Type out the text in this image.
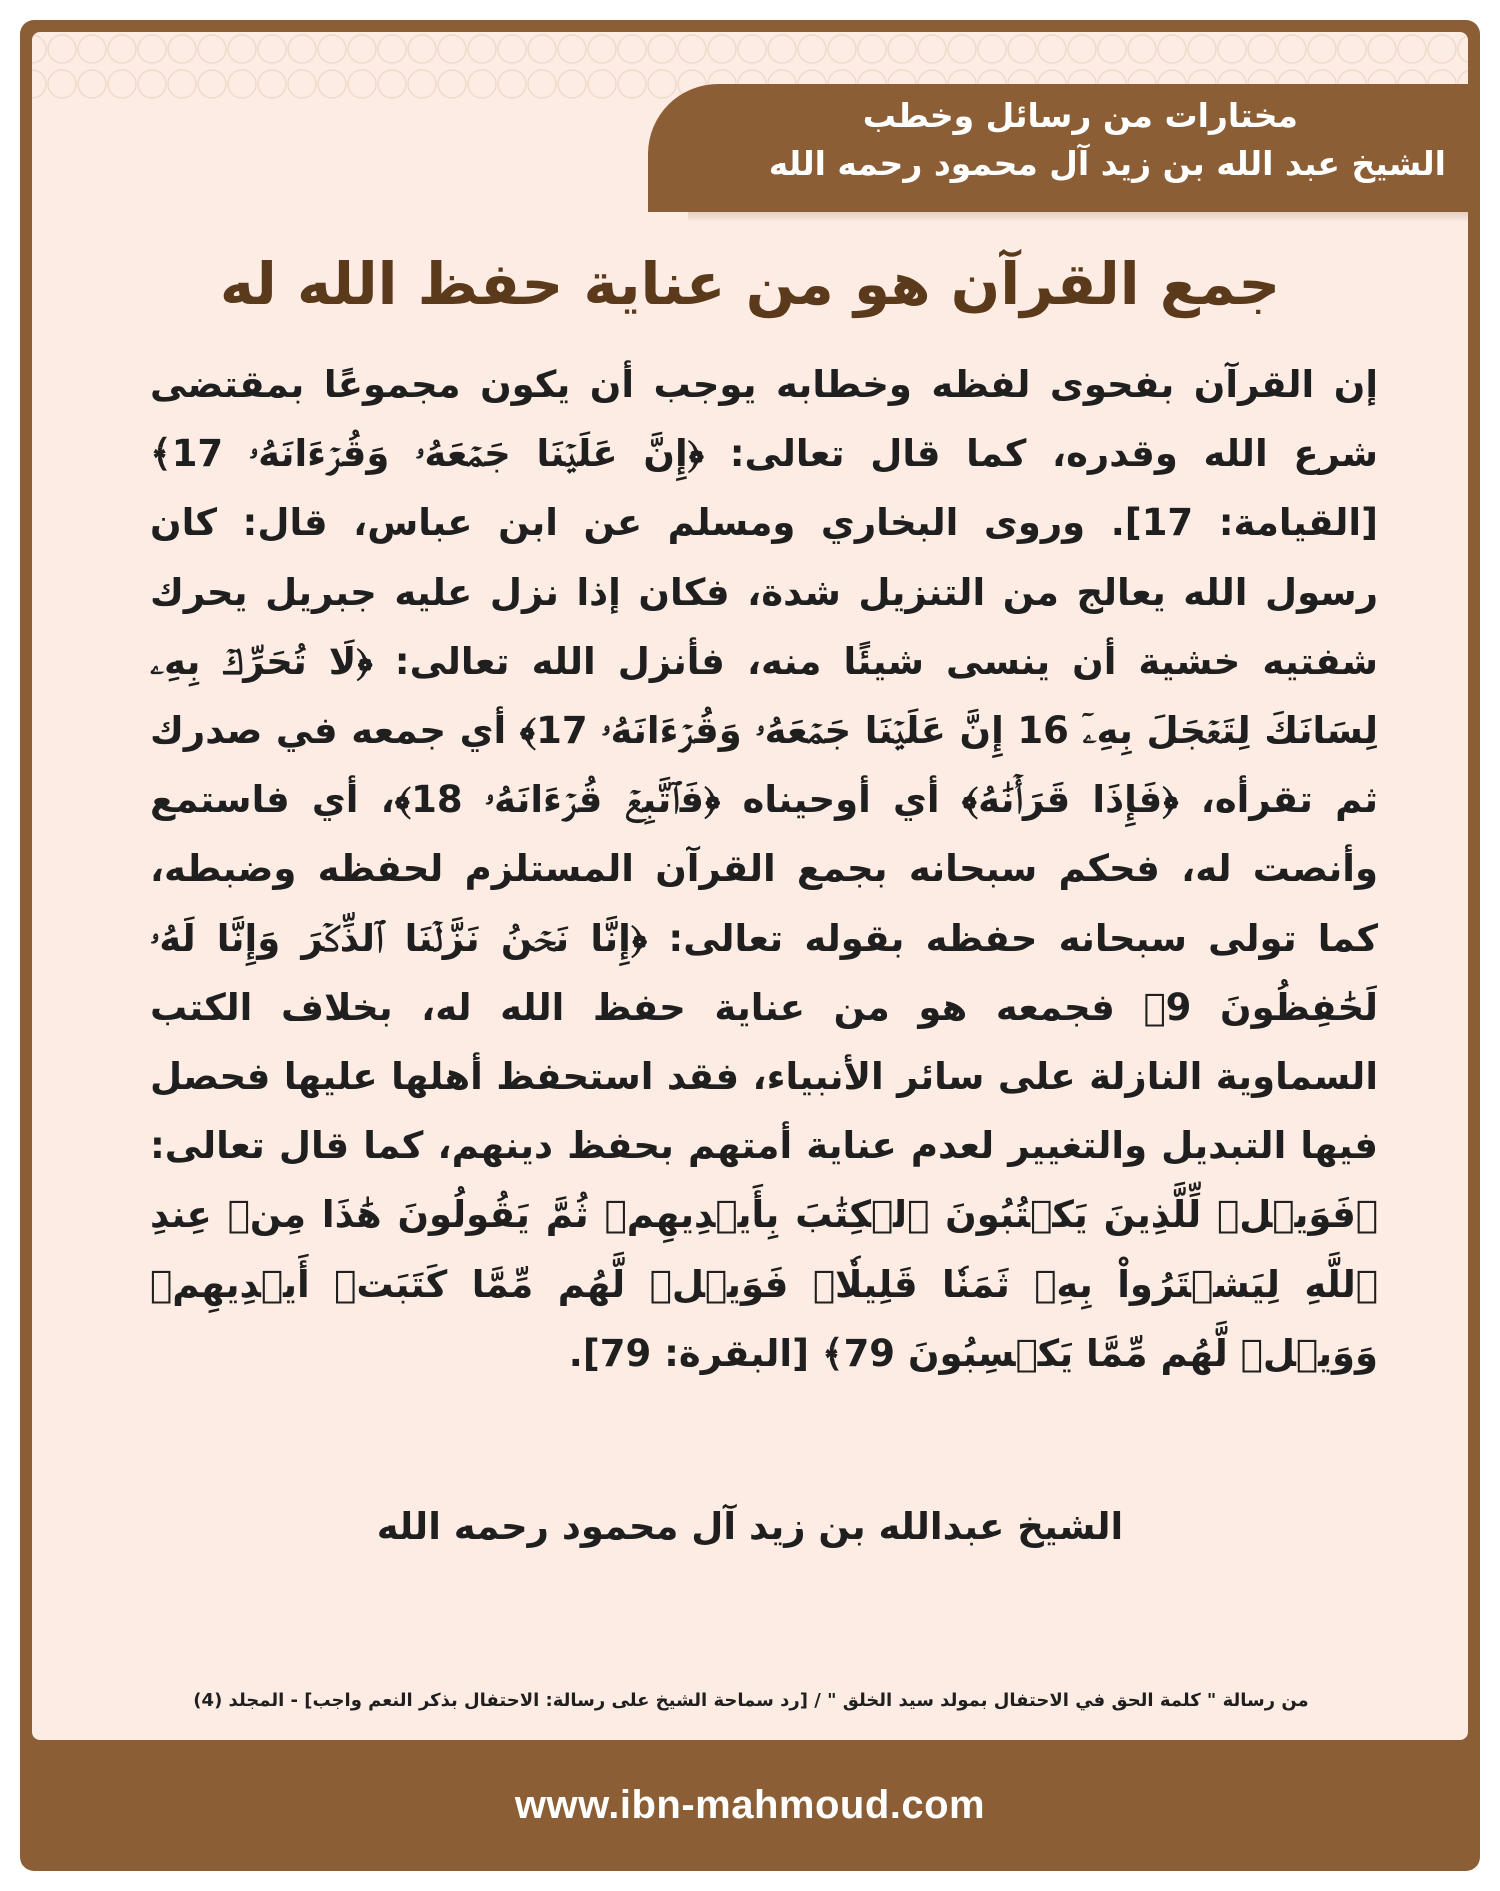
مختارات من رسائل وخطب
الشيخ عبد الله بن زيد آل محمود رحمه الله
جمع القرآن هو من عناية حفظ الله له
إن القرآن بفحوى لفظه وخطابه يوجب أن يكون مجموعًا بمقتضى شرع الله وقدره، كما قال تعالى: ﴿إِنَّ عَلَيۡنَا جَمۡعَهُۥ وَقُرۡءَانَهُۥ 17﴾ [القيامة: 17]. وروى البخاري ومسلم عن ابن عباس، قال: كان رسول الله يعالج من التنزيل شدة، فكان إذا نزل عليه جبريل يحرك شفتيه خشية أن ينسى شيئًا منه، فأنزل الله تعالى: ﴿لَا تُحَرِّكۡ بِهِۦ لِسَانَكَ لِتَعۡجَلَ بِهِۦٓ 16 إِنَّ عَلَيۡنَا جَمۡعَهُۥ وَقُرۡءَانَهُۥ 17﴾ أي جمعه في صدرك ثم تقرأه، ﴿فَإِذَا قَرَأۡنَٰهُ﴾ أي أوحيناه ﴿فَٱتَّبِعۡ قُرۡءَانَهُۥ 18﴾، أي فاستمع وأنصت له، فحكم سبحانه بجمع القرآن المستلزم لحفظه وضبطه، كما تولى سبحانه حفظه بقوله تعالى: ﴿إِنَّا نَحۡنُ نَزَّلۡنَا ٱلذِّكۡرَ وَإِنَّا لَهُۥ لَحَٰفِظُونَ 9﴾ فجمعه هو من عناية حفظ الله له، بخلاف الكتب السماوية النازلة على سائر الأنبياء، فقد استحفظ أهلها عليها فحصل فيها التبديل والتغيير لعدم عناية أمتهم بحفظ دينهم، كما قال تعالى: ﴿فَوَيۡلٞ لِّلَّذِينَ يَكۡتُبُونَ ٱلۡكِتَٰبَ بِأَيۡدِيهِمۡ ثُمَّ يَقُولُونَ هَٰذَا مِنۡ عِندِ ٱللَّهِ لِيَشۡتَرُواْ بِهِۦ ثَمَنٗا قَلِيلٗاۖ فَوَيۡلٞ لَّهُم مِّمَّا كَتَبَتۡ أَيۡدِيهِمۡ وَوَيۡلٞ لَّهُم مِّمَّا يَكۡسِبُونَ 79﴾ [البقرة: 79].
الشيخ عبدالله بن زيد آل محمود رحمه الله
من رسالة " كلمة الحق في الاحتفال بمولد سيد الخلق " / [رد سماحة الشيخ على رسالة: الاحتفال بذكر النعم واجب] - المجلد (4)
www.ibn-mahmoud.com
